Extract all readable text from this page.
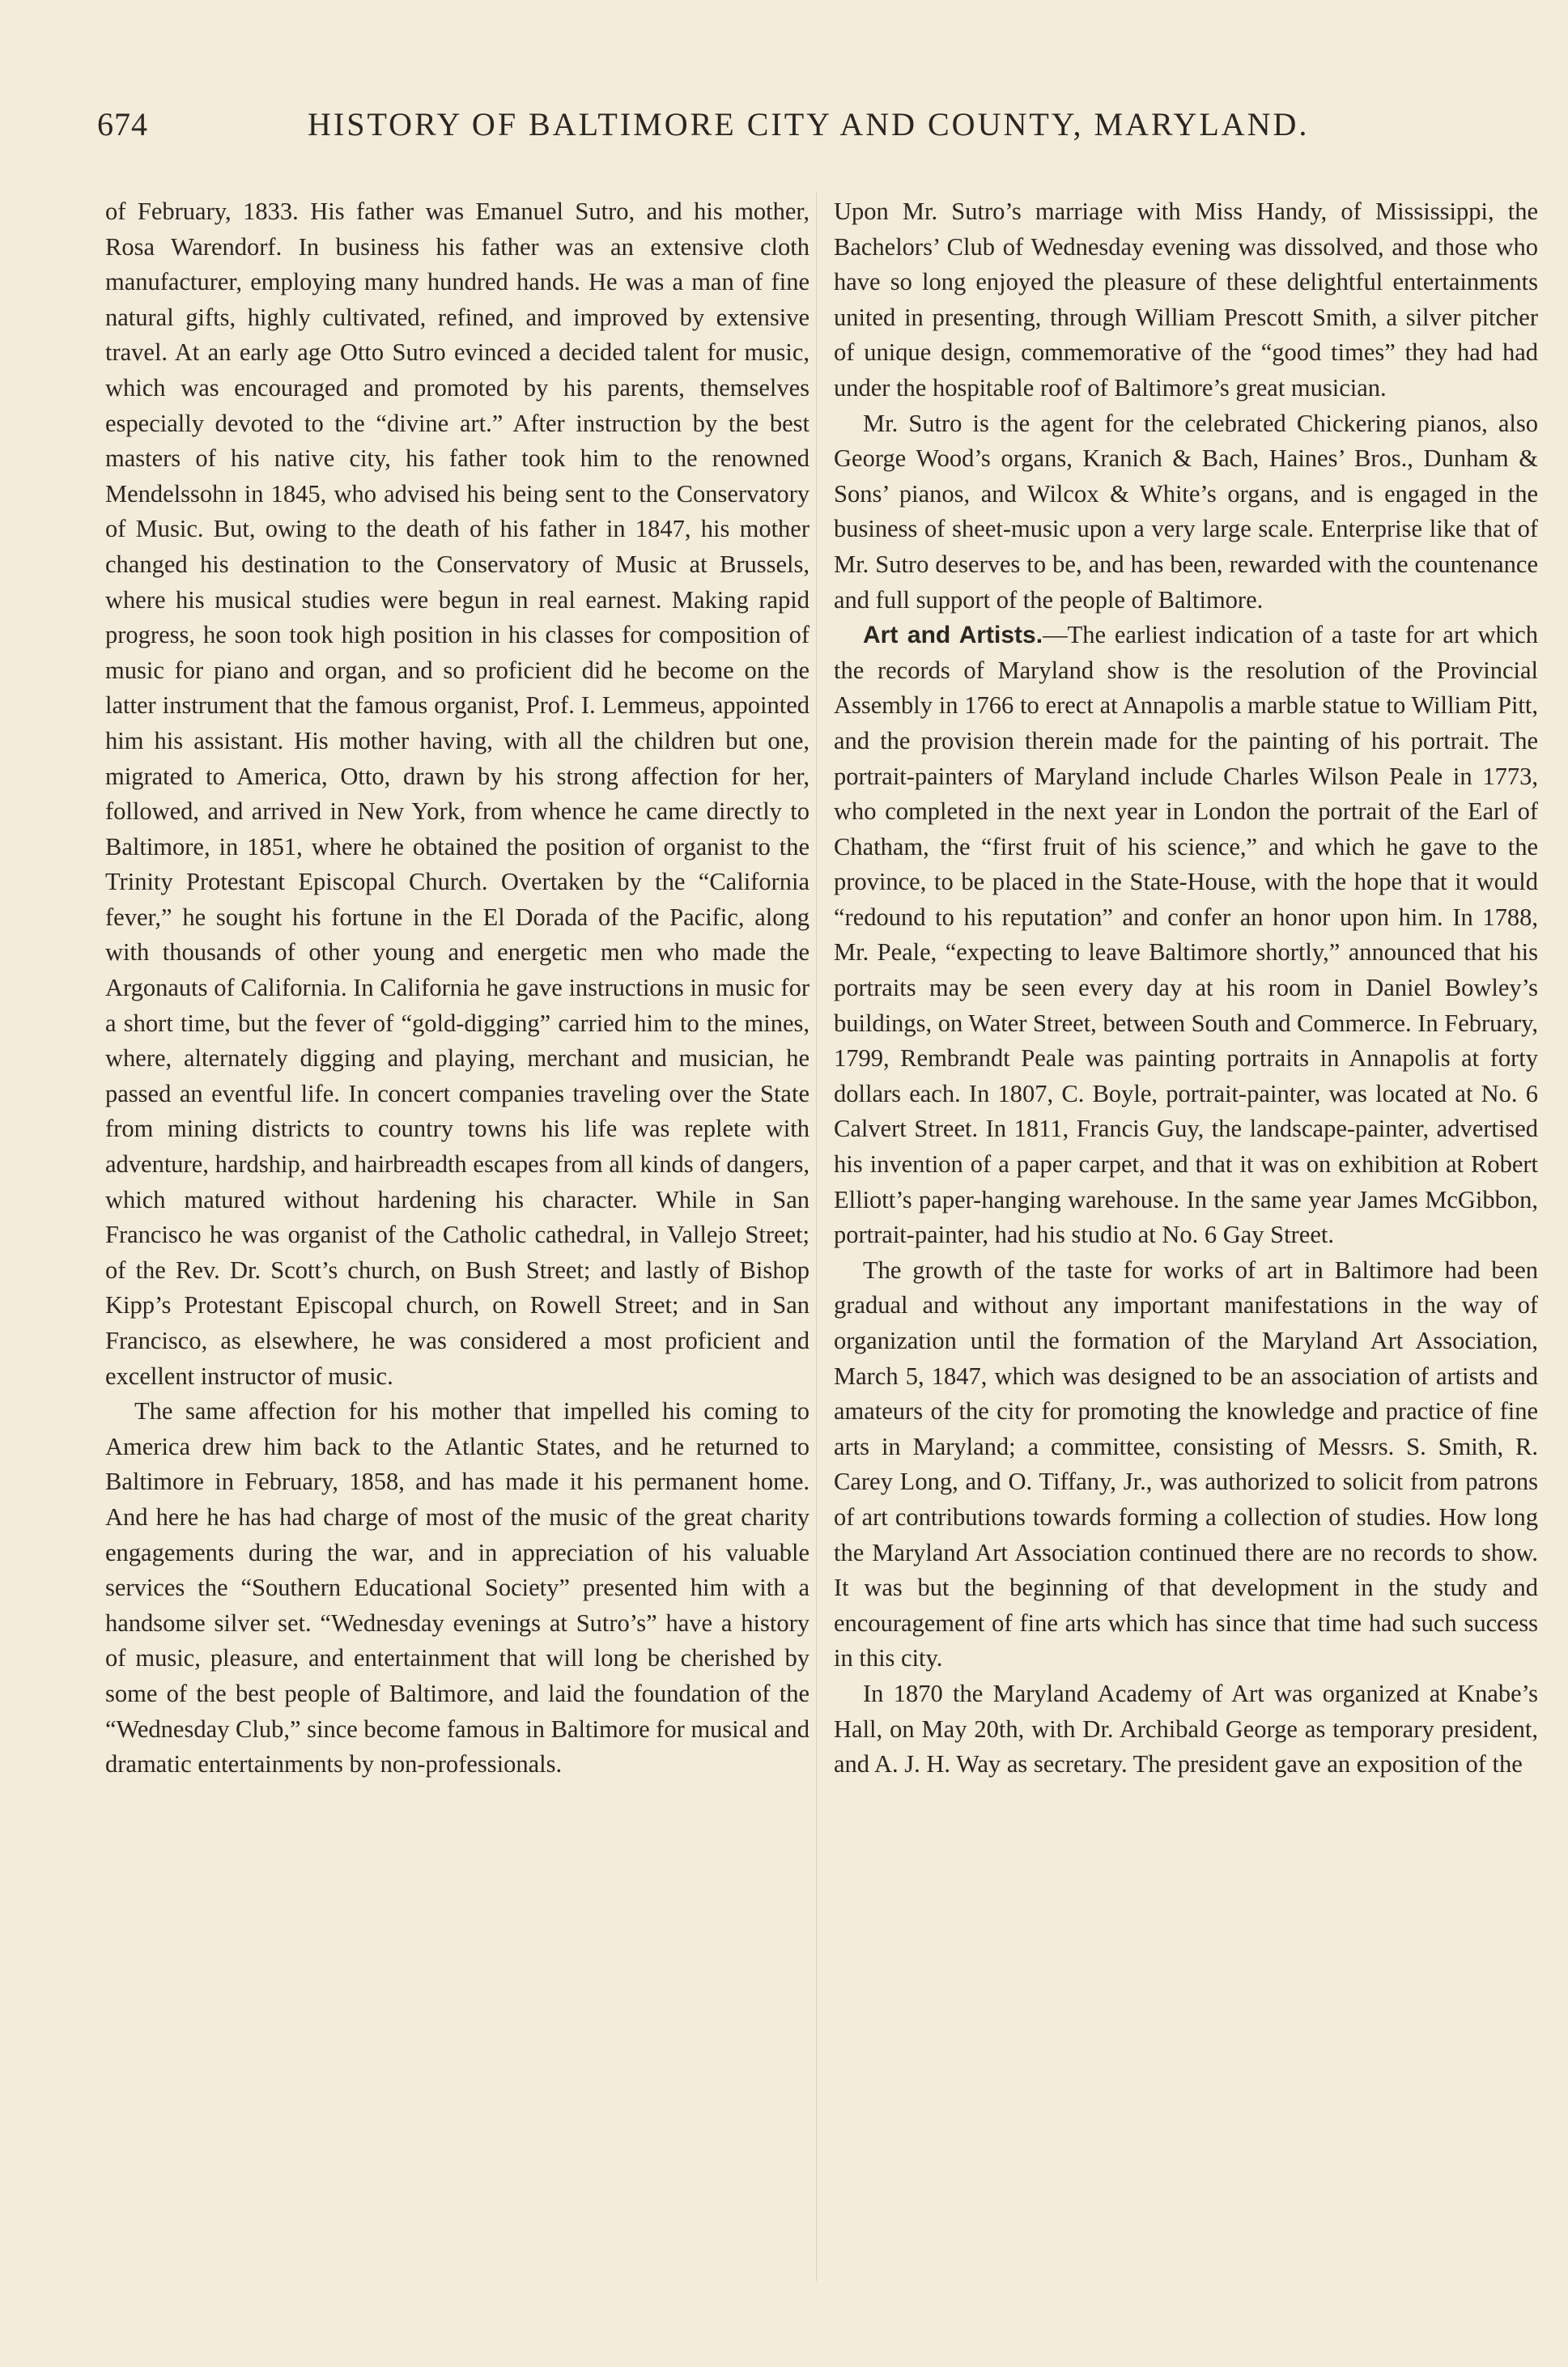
674	HISTORY OF BALTIMORE CITY AND COUNTY, MARYLAND.

of February, 1833. His father was Emanuel Sutro, and his mother, Rosa Warendorf. In business his father was an extensive cloth manufacturer, employing many hundred hands. He was a man of fine natural gifts, highly cultivated, refined, and improved by extensive travel. At an early age Otto Sutro evinced a decided talent for music, which was encouraged and promoted by his parents, themselves especially devoted to the “divine art.” After instruction by the best masters of his native city, his father took him to the renowned Mendelssohn in 1845, who advised his being sent to the Conservatory of Music. But, owing to the death of his father in 1847, his mother changed his destination to the Conservatory of Music at Brussels, where his musical studies were begun in real earnest. Making rapid progress, he soon took high position in his classes for composition of music for piano and organ, and so proficient did he become on the latter instrument that the famous organist, Prof. I. Lemmeus, appointed him his assistant. His mother having, with all the children but one, migrated to America, Otto, drawn by his strong affection for her, followed, and arrived in New York, from whence he came directly to Baltimore, in 1851, where he obtained the position of organist to the Trinity Protestant Episcopal Church. Overtaken by the “California fever,” he sought his fortune in the El Dorada of the Pacific, along with thousands of other young and energetic men who made the Argonauts of California. In California he gave instructions in music for a short time, but the fever of “gold-digging” carried him to the mines, where, alternately digging and playing, merchant and musician, he passed an eventful life. In concert companies traveling over the State from mining districts to country towns his life was replete with adventure, hardship, and hairbreadth escapes from all kinds of dangers, which matured without hardening his character. While in San Francisco he was organist of the Catholic cathedral, in Vallejo Street; of the Rev. Dr. Scott’s church, on Bush Street; and lastly of Bishop Kipp’s Protestant Episcopal church, on Rowell Street; and in San Francisco, as elsewhere, he was considered a most proficient and excellent instructor of music.

The same affection for his mother that impelled his coming to America drew him back to the Atlantic States, and he returned to Baltimore in February, 1858, and has made it his permanent home. And here he has had charge of most of the music of the great charity engagements during the war, and in appreciation of his valuable services the “Southern Educational Society” presented him with a handsome silver set. “Wednesday evenings at Sutro’s” have a history of music, pleasure, and entertainment that will long be cherished by some of the best people of Baltimore, and laid the foundation of the “Wednesday Club,” since become famous in Baltimore for musical and dramatic entertainments by non-professionals.

Upon Mr. Sutro’s marriage with Miss Handy, of Mississippi, the Bachelors’ Club of Wednesday evening was dissolved, and those who have so long enjoyed the pleasure of these delightful entertainments united in presenting, through William Prescott Smith, a silver pitcher of unique design, commemorative of the “good times” they had had under the hospitable roof of Baltimore’s great musician.

Mr. Sutro is the agent for the celebrated Chickering pianos, also George Wood’s organs, Kranich & Bach, Haines’ Bros., Dunham & Sons’ pianos, and Wilcox & White’s organs, and is engaged in the business of sheet-music upon a very large scale. Enterprise like that of Mr. Sutro deserves to be, and has been, rewarded with the countenance and full support of the people of Baltimore.

Art and Artists.—The earliest indication of a taste for art which the records of Maryland show is the resolution of the Provincial Assembly in 1766 to erect at Annapolis a marble statue to William Pitt, and the provision therein made for the painting of his portrait. The portrait-painters of Maryland include Charles Wilson Peale in 1773, who completed in the next year in London the portrait of the Earl of Chatham, the “first fruit of his science,” and which he gave to the province, to be placed in the State-House, with the hope that it would “redound to his reputation” and confer an honor upon him. In 1788, Mr. Peale, “expecting to leave Baltimore shortly,” announced that his portraits may be seen every day at his room in Daniel Bowley’s buildings, on Water Street, between South and Commerce. In February, 1799, Rembrandt Peale was painting portraits in Annapolis at forty dollars each. In 1807, C. Boyle, portrait-painter, was located at No. 6 Calvert Street. In 1811, Francis Guy, the landscape-painter, advertised his invention of a paper carpet, and that it was on exhibition at Robert Elliott’s paper-hanging warehouse. In the same year James McGibbon, portrait-painter, had his studio at No. 6 Gay Street.

The growth of the taste for works of art in Baltimore had been gradual and without any important manifestations in the way of organization until the formation of the Maryland Art Association, March 5, 1847, which was designed to be an association of artists and amateurs of the city for promoting the knowledge and practice of fine arts in Maryland; a committee, consisting of Messrs. S. Smith, R. Carey Long, and O. Tiffany, Jr., was authorized to solicit from patrons of art contributions towards forming a collection of studies. How long the Maryland Art Association continued there are no records to show. It was but the beginning of that development in the study and encouragement of fine arts which has since that time had such success in this city.

In 1870 the Maryland Academy of Art was organized at Knabe’s Hall, on May 20th, with Dr. Archibald George as temporary president, and A. J. H. Way as secretary. The president gave an exposition of the
